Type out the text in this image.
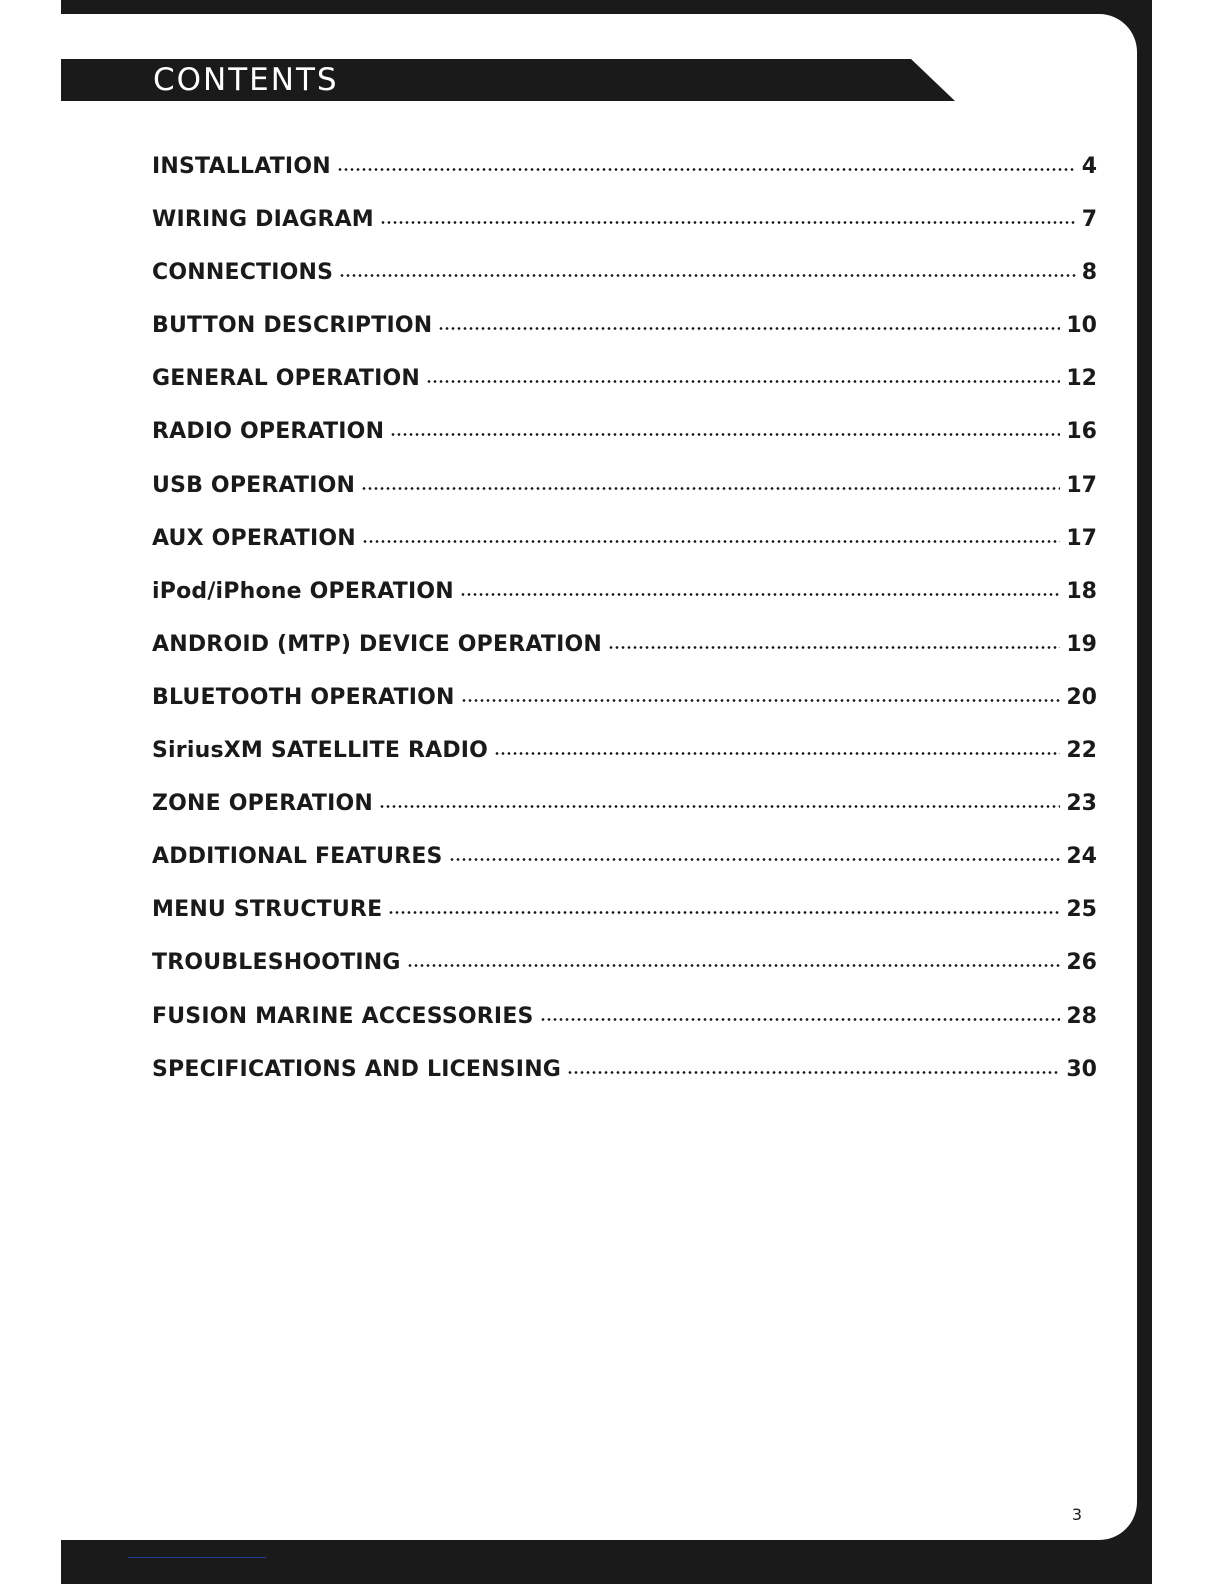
CONTENTS
INSTALLATION	4
WIRING DIAGRAM	7
CONNECTIONS	8
BUTTON DESCRIPTION	10
GENERAL OPERATION	12
RADIO OPERATION	16
USB OPERATION	17
AUX OPERATION	17
iPod/iPhone OPERATION	18
ANDROID (MTP) DEVICE OPERATION	19
BLUETOOTH OPERATION	20
SiriusXM SATELLITE RADIO	22
ZONE OPERATION	23
ADDITIONAL FEATURES	24
MENU STRUCTURE	25
TROUBLESHOOTING	26
FUSION MARINE ACCESSORIES	28
SPECIFICATIONS AND LICENSING	30
3
